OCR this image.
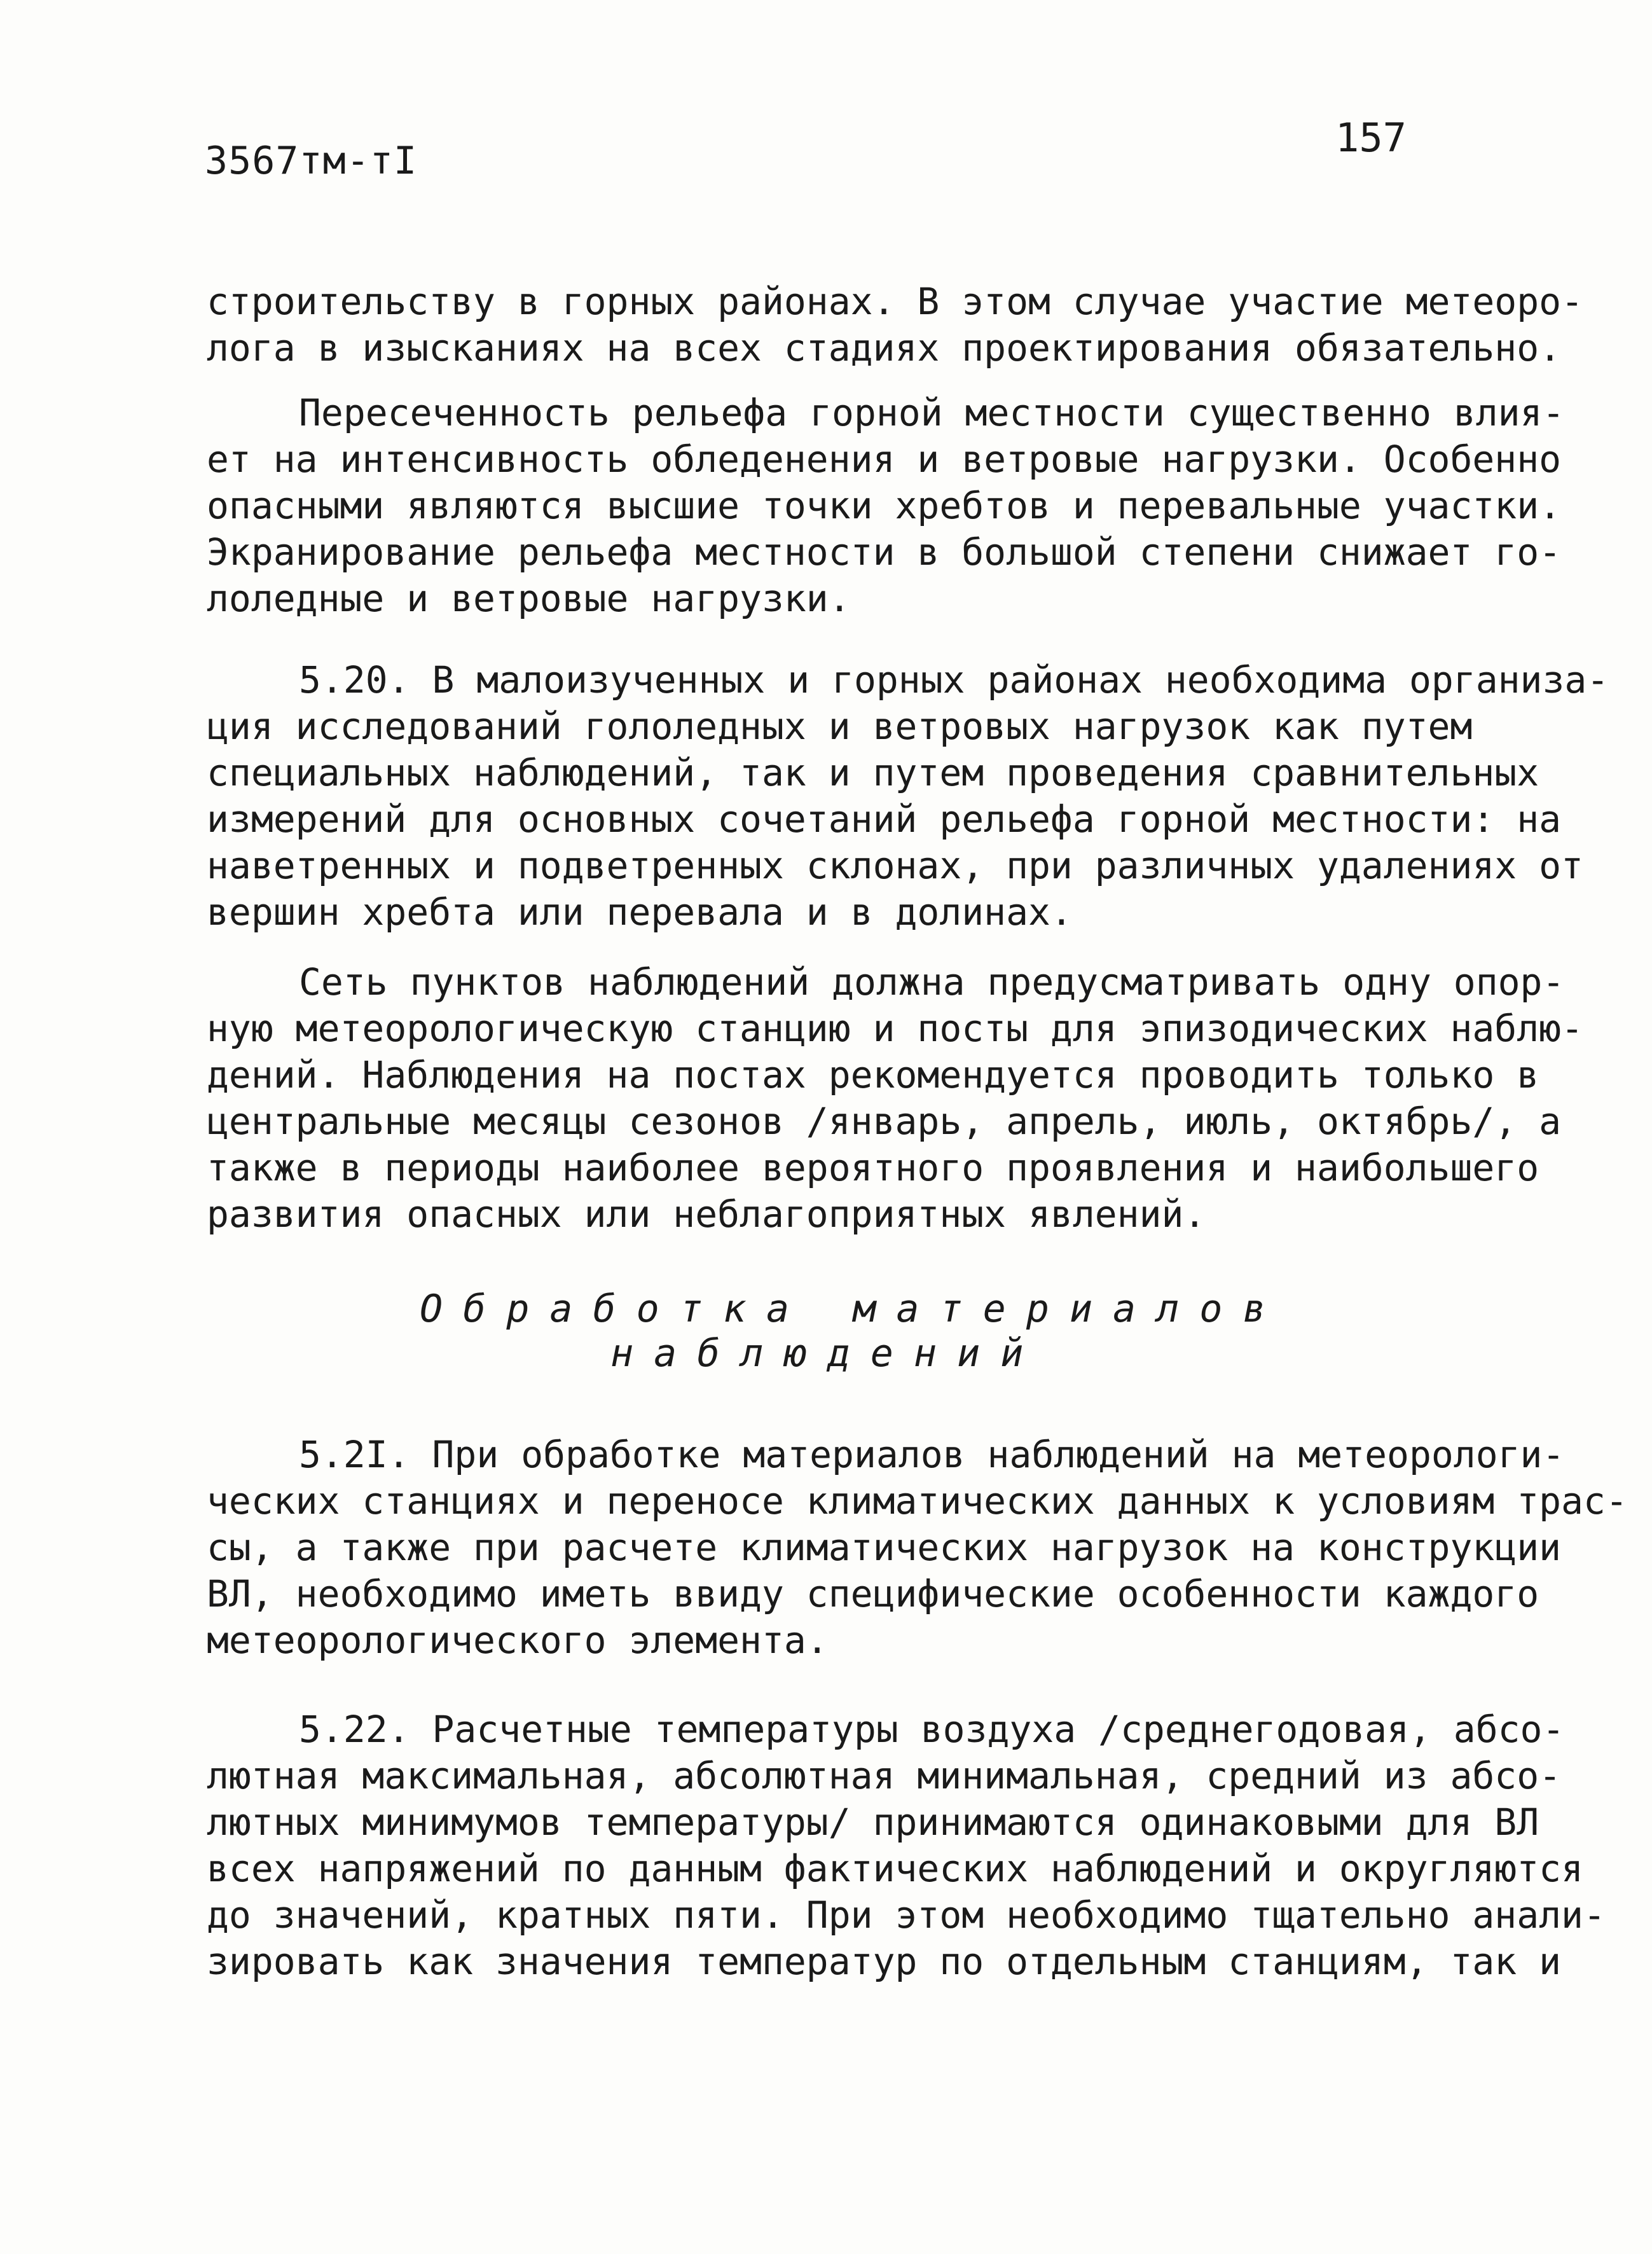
3567тм-тI	157
строительству в горных районах. В этом случае участие метеоро-
лога в изысканиях на всех стадиях проектирования обязательно.
Пересеченность рельефа горной местности существенно влия-
ет на интенсивность обледенения и ветровые нагрузки. Особенно
опасными являются высшие точки хребтов и перевальные участки.
Экранирование рельефа местности в большой степени снижает го-
лоледные и ветровые нагрузки.
5.20. В малоизученных и горных районах необходима организа-
ция исследований гололедных и ветровых нагрузок как путем
специальных наблюдений, так и путем проведения сравнительных
измерений для основных сочетаний рельефа горной местности: на
наветренных и подветренных склонах, при различных удалениях от
вершин хребта или перевала и в долинах.
Сеть пунктов наблюдений должна предусматривать одну опор-
ную метеорологическую станцию и посты для эпизодических наблю-
дений. Наблюдения на постах рекомендуется проводить только в
центральные месяцы сезонов /январь, апрель, июль, октябрь/, а
также в периоды наиболее вероятного проявления и наибольшего
развития опасных или неблагоприятных явлений.
Обработка материалов
наблюдений
5.2I. При обработке материалов наблюдений на метеорологи-
ческих станциях и переносе климатических данных к условиям трас-
сы, а также при расчете климатических нагрузок на конструкции
ВЛ, необходимо иметь ввиду специфические особенности каждого
метеорологического элемента.
5.22. Расчетные температуры воздуха /среднегодовая, абсо-
лютная максимальная, абсолютная минимальная, средний из абсо-
лютных минимумов температуры/ принимаются одинаковыми для ВЛ
всех напряжений по данным фактических наблюдений и округляются
до значений, кратных пяти. При этом необходимо тщательно анали-
зировать как значения температур по отдельным станциям, так и
